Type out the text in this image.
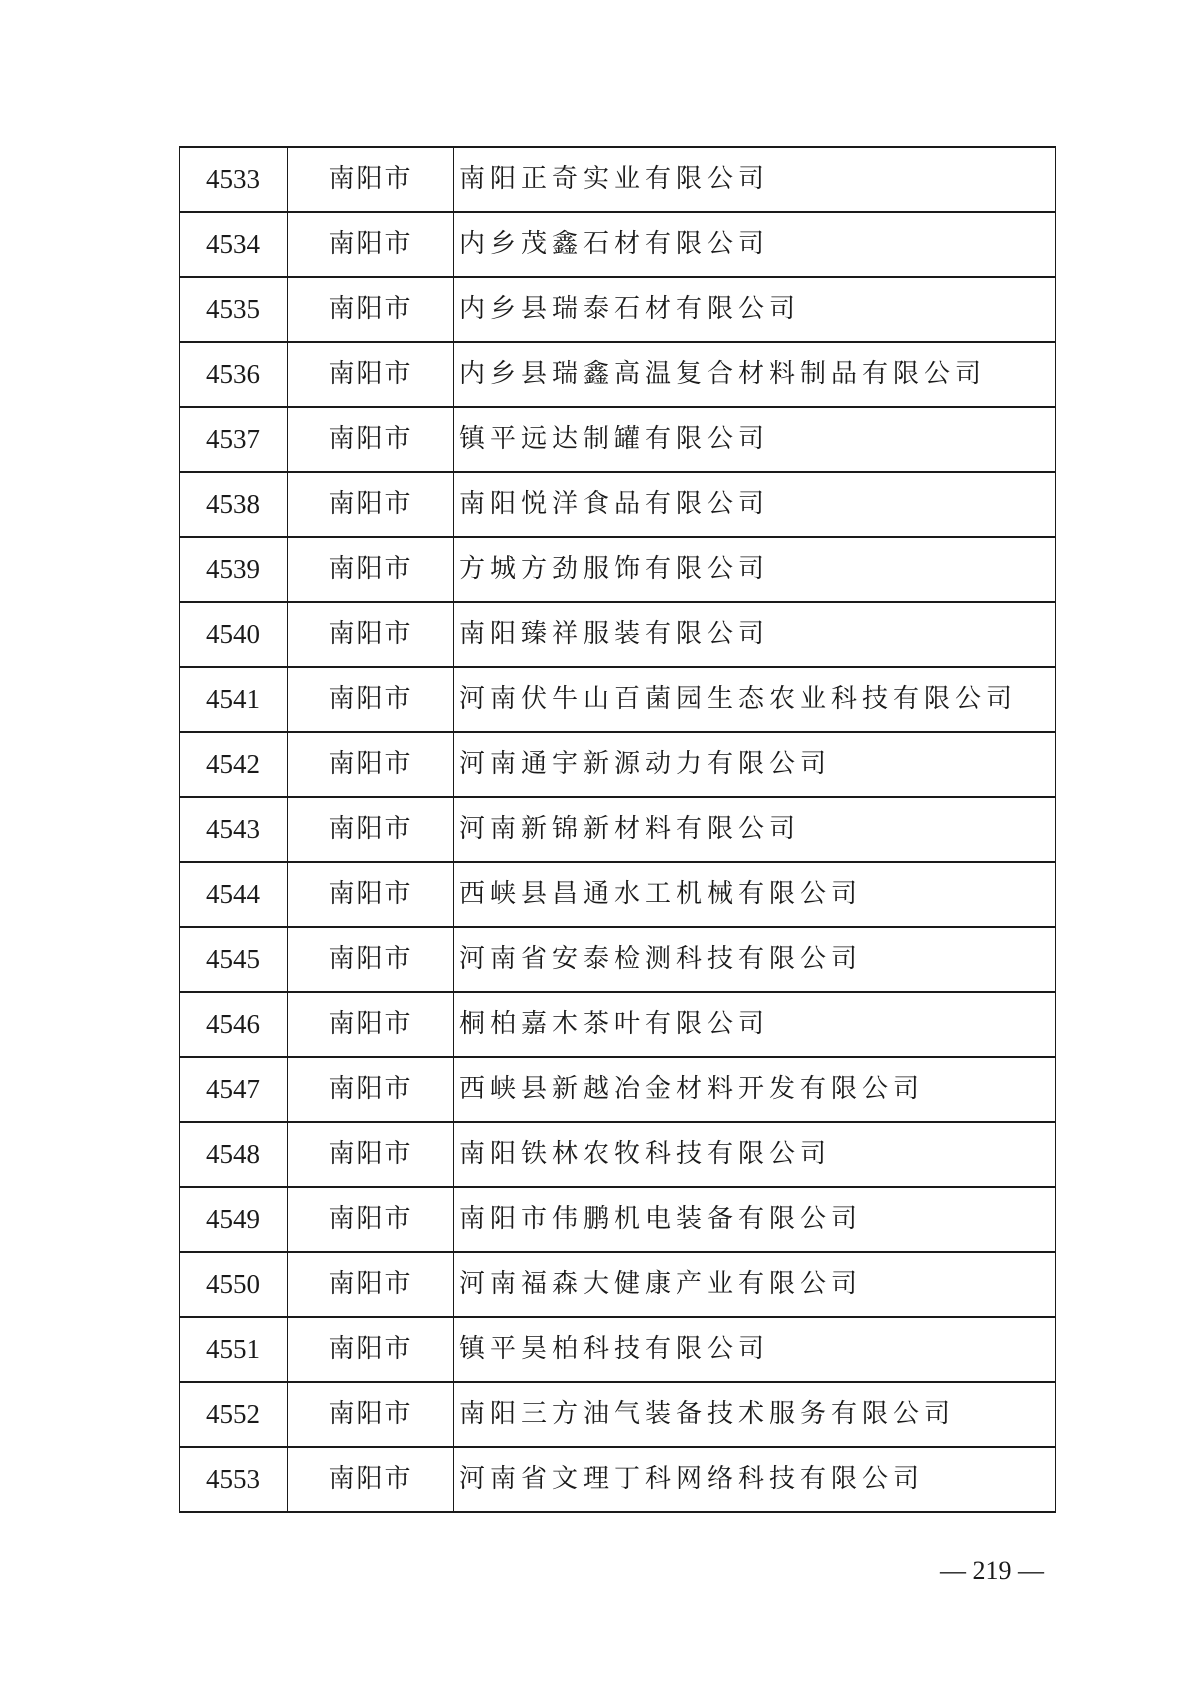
4533	南阳市	南阳正奇实业有限公司
4534	南阳市	内乡茂鑫石材有限公司
4535	南阳市	内乡县瑞泰石材有限公司
4536	南阳市	内乡县瑞鑫高温复合材料制品有限公司
4537	南阳市	镇平远达制罐有限公司
4538	南阳市	南阳悦洋食品有限公司
4539	南阳市	方城方劲服饰有限公司
4540	南阳市	南阳臻祥服装有限公司
4541	南阳市	河南伏牛山百菌园生态农业科技有限公司
4542	南阳市	河南通宇新源动力有限公司
4543	南阳市	河南新锦新材料有限公司
4544	南阳市	西峡县昌通水工机械有限公司
4545	南阳市	河南省安泰检测科技有限公司
4546	南阳市	桐柏嘉木茶叶有限公司
4547	南阳市	西峡县新越冶金材料开发有限公司
4548	南阳市	南阳铁林农牧科技有限公司
4549	南阳市	南阳市伟鹏机电装备有限公司
4550	南阳市	河南福森大健康产业有限公司
4551	南阳市	镇平昊柏科技有限公司
4552	南阳市	南阳三方油气装备技术服务有限公司
4553	南阳市	河南省文理丁科网络科技有限公司
— 219 —
